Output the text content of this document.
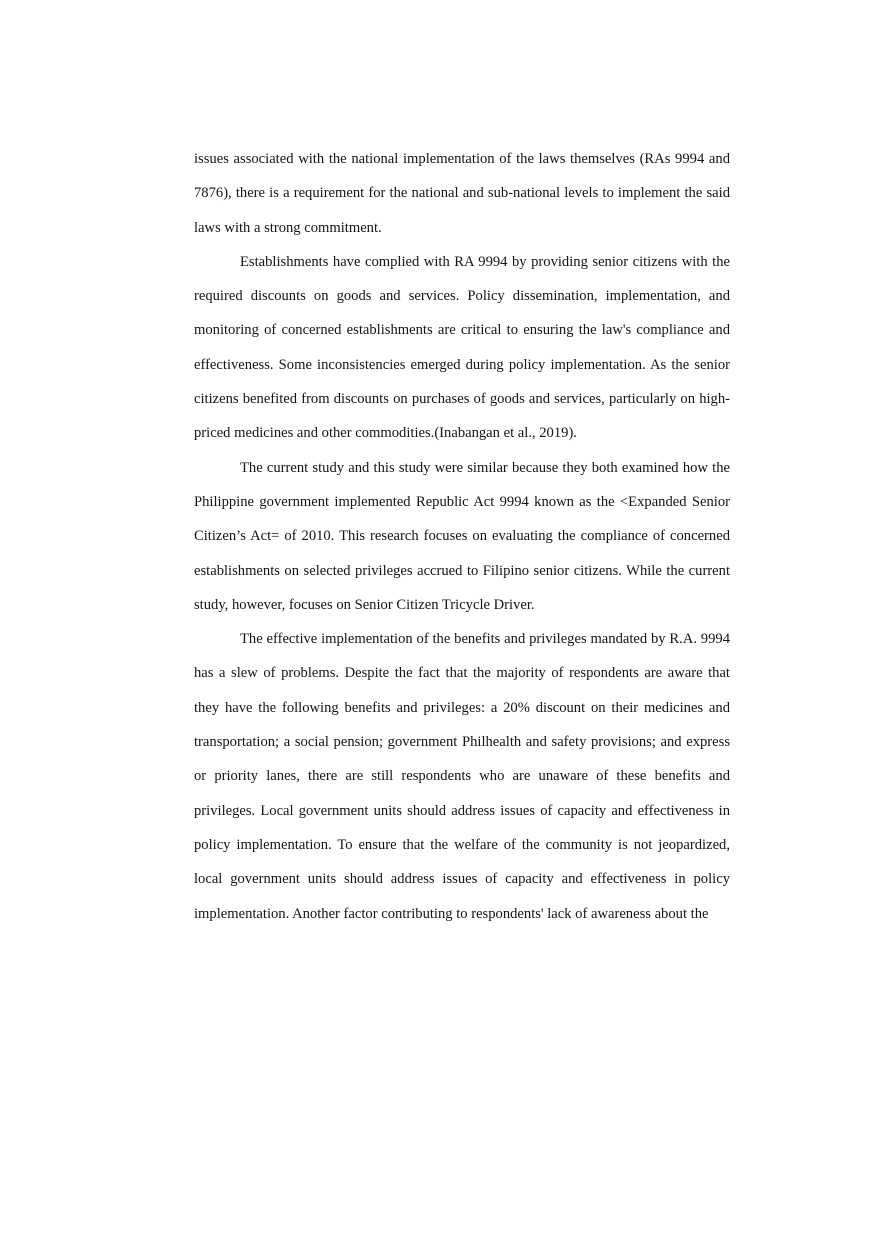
issues associated with the national implementation of the laws themselves (RAs 9994 and 7876), there is a requirement for the national and sub-national levels to implement the said laws with a strong commitment.

Establishments have complied with RA 9994 by providing senior citizens with the required discounts on goods and services. Policy dissemination, implementation, and monitoring of concerned establishments are critical to ensuring the law's compliance and effectiveness. Some inconsistencies emerged during policy implementation. As the senior citizens benefited from discounts on purchases of goods and services, particularly on high-priced medicines and other commodities.(Inabangan et al., 2019).

The current study and this study were similar because they both examined how the Philippine government implemented Republic Act 9994 known as the <Expanded Senior Citizen’s Act= of 2010. This research focuses on evaluating the compliance of concerned establishments on selected privileges accrued to Filipino senior citizens. While the current study, however, focuses on Senior Citizen Tricycle Driver.

The effective implementation of the benefits and privileges mandated by R.A. 9994 has a slew of problems. Despite the fact that the majority of respondents are aware that they have the following benefits and privileges: a 20% discount on their medicines and transportation; a social pension; government Philhealth and safety provisions; and express or priority lanes, there are still respondents who are unaware of these benefits and privileges. Local government units should address issues of capacity and effectiveness in policy implementation. To ensure that the welfare of the community is not jeopardized, local government units should address issues of capacity and effectiveness in policy implementation. Another factor contributing to respondents' lack of awareness about the
